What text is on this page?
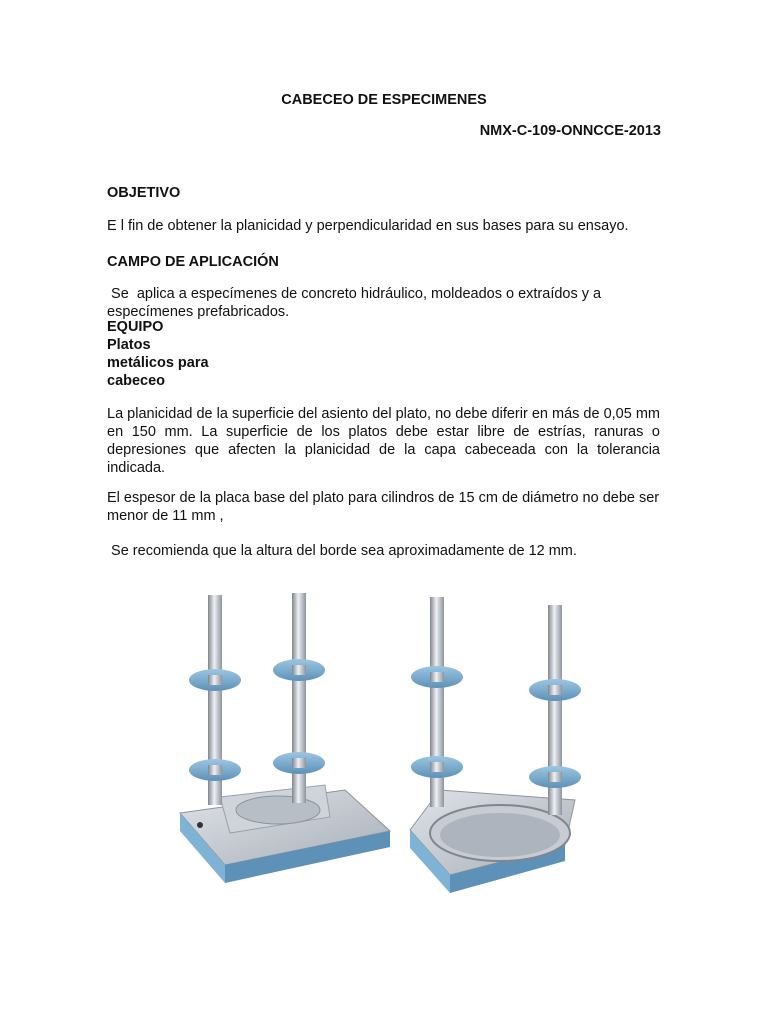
CABECEO DE ESPECIMENES
NMX-C-109-ONNCCE-2013
OBJETIVO
E l fin de obtener la planicidad y perpendicularidad en sus bases para su ensayo.
CAMPO DE APLICACIÓN
Se  aplica a especímenes de concreto hidráulico, moldeados o extraídos y a especímenes prefabricados.
EQUIPO
Platos
metálicos para
cabeceo
La planicidad de la superficie del asiento del plato, no debe diferir en más de 0,05 mm en 150 mm. La superficie de los platos debe estar libre de estrías, ranuras o depresiones que afecten la planicidad de la capa cabeceada con la tolerancia indicada.
El espesor de la placa base del plato para cilindros de 15 cm de diámetro no debe ser menor de 11 mm ,
Se recomienda que la altura del borde sea aproximadamente de 12 mm.
